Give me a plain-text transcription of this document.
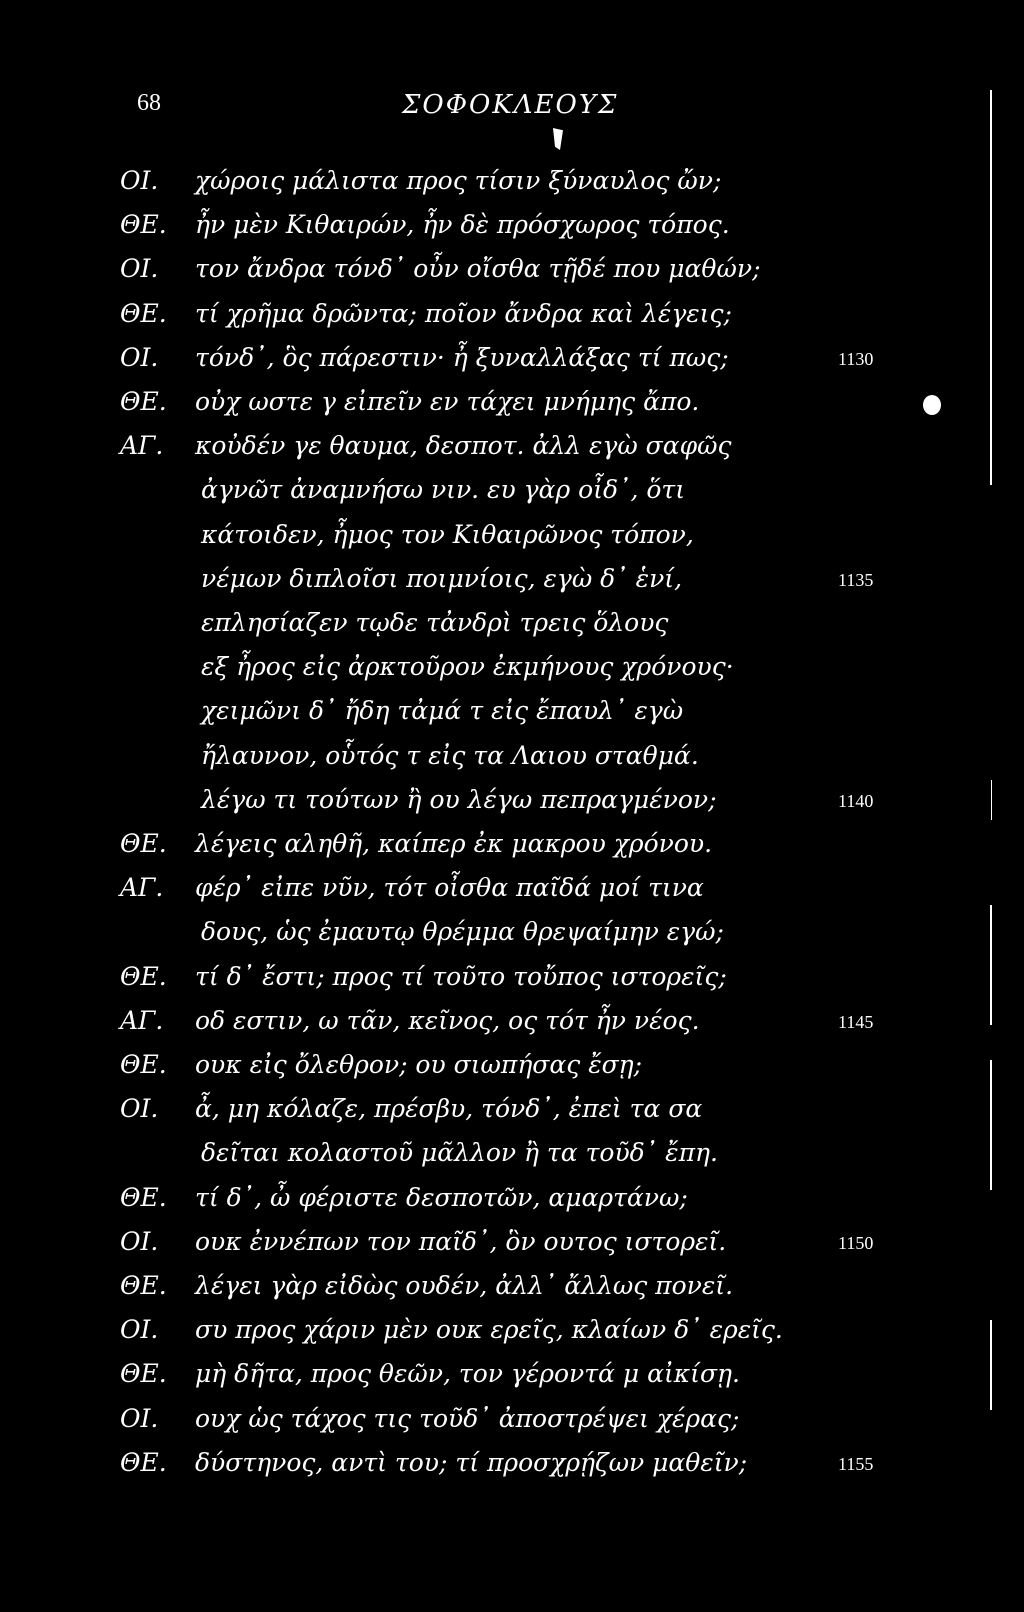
68	ΣΟΦΟΚΛΕΟΥΣ
ΟΙ. χώροις μάλιστα προς τίσιν ξύναυλος ὤν;
ΘΕ. ἦν μὲν Κιθαιρών, ἦν δὲ πρόσχωρος τόπος.
ΟΙ. τον ἄνδρα τόνδ᾽ οὖν οἴσθα τῇδέ που μαθών;
ΘΕ. τί χρῆμα δρῶντα; ποῖον ἄνδρα καὶ λέγεις;
ΟΙ. τόνδ᾽, ὃς πάρεστιν· ἦ ξυναλλάξας τί πως;	1130
ΘΕ. οὐχ ωστε γ εἰπεῖν εν τάχει μνήμης ἄπο.
ΑΓ. κοὐδέν γε θαυμα, δεσποτ. ἀλλ εγὼ σαφῶς
ἀγνῶτ ἀναμνήσω νιν. ευ γὰρ οἶδ᾽, ὅτι
κάτοιδεν, ἦμος τον Κιθαιρῶνος τόπον,
νέμων διπλοῖσι ποιμνίοις, εγὼ δ᾽ ἑνί,	1135
επλησίαζεν τῳδε τἀνδρὶ τρεις ὅλους
εξ ἦρος εἰς ἀρκτοῦρον ἐκμήνους χρόνους·
χειμῶνι δ᾽ ἤδη τἀμά τ εἰς ἔπαυλ᾽ εγὼ
ἤλαυνον, οὗτός τ εἰς τα Λαιου σταθμά.
λέγω τι τούτων ἢ ου λέγω πεπραγμένον;	1140
ΘΕ. λέγεις αληθῆ, καίπερ ἐκ μακρου χρόνου.
ΑΓ. φέρ᾽ εἰπε νῦν, τότ οἶσθα παῖδά μοί τινα
δους, ὡς ἐμαυτῳ θρέμμα θρεψαίμην εγώ;
ΘΕ. τί δ᾽ ἔστι; προς τί τοῦτο τοὔπος ιστορεῖς;
ΑΓ. οδ εστιν, ω τᾶν, κεῖνος, ος τότ ἦν νέος.	1145
ΘΕ. ουκ εἰς ὄλεθρον; ου σιωπήσας ἔσῃ;
ΟΙ. ἆ, μη κόλαζε, πρέσβυ, τόνδ᾽, ἐπεὶ τα σα
δεῖται κολαστοῦ μᾶλλον ἢ τα τοῦδ᾽ ἔπη.
ΘΕ. τί δ᾽, ὦ φέριστε δεσποτῶν, αμαρτάνω;
ΟΙ. ουκ ἐννέπων τον παῖδ᾽, ὃν ουτος ιστορεῖ.	1150
ΘΕ. λέγει γὰρ εἰδὼς ουδέν, ἀλλ᾽ ἄλλως πονεῖ.
ΟΙ. συ προς χάριν μὲν ουκ ερεῖς, κλαίων δ᾽ ερεῖς.
ΘΕ. μὴ δῆτα, προς θεῶν, τον γέροντά μ αἰκίσῃ.
ΟΙ. ουχ ὡς τάχος τις τοῦδ᾽ ἀποστρέψει χέρας;
ΘΕ. δύστηνος, αντὶ του; τί προσχρῄζων μαθεῖν;	1155
